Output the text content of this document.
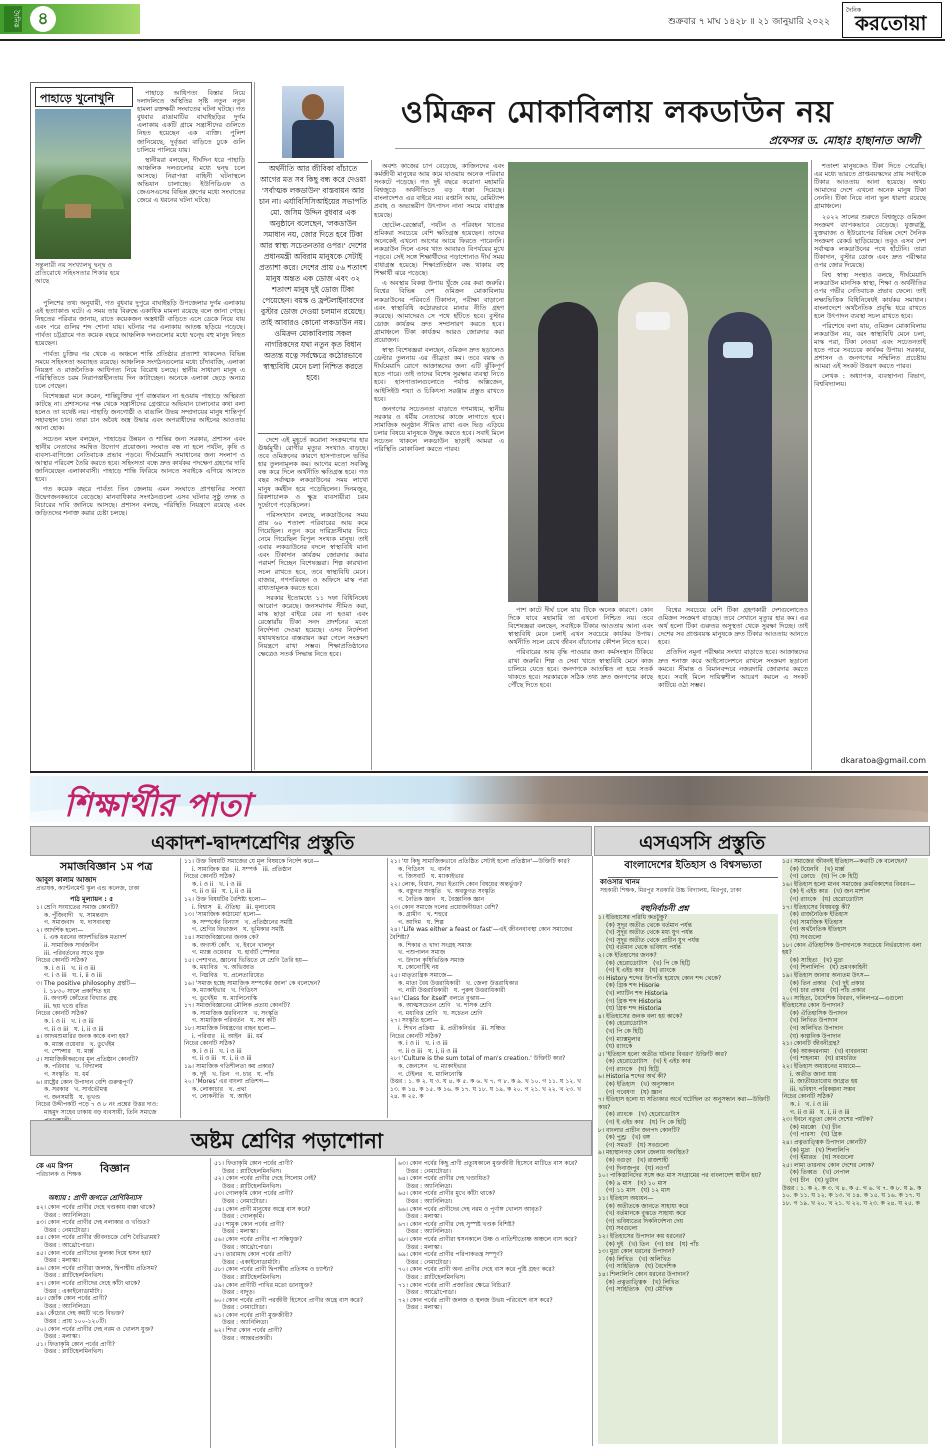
দৈনিক	৪	শুক্রবার ৭ মাঘ ১৪২৮ ॥ ২১ জানুয়ারি ২০২২
দৈনিক
করতোয়া
পাহাড়ে খুনোখুনি
সন্তুলারী নয় সংখ্যালঘু দ্বন্দ্ব ও প্রতিরোধে সহিংসতার শিকার হয়ে আছে

পাহাড়ে আধিপত্য বিস্তার নিয়ে দলাদলিতে অস্থিতির সৃষ্টি নতুন নতুন হামলা রক্তক্ষয়ী সংঘাতের ঘটনা ঘটছে। গত বুধবার রাঙামাটির বাঘাইছড়ির দুর্গম এলাকায় একটি গ্রামে সন্ত্রাসীদের গুলিতে নিহত হয়েছেন এক ব্যক্তি। পুলিশ জানিয়েছে, দুর্বৃত্তরা বাড়িতে ঢুকে গুলি চালিয়ে পালিয়ে যায়।

স্থানীয়রা বলছেন, দীর্ঘদিন ধরে পাহাড়ি আঞ্চলিক দলগুলোর মধ্যে দ্বন্দ্ব চলে আসছে। নিরাপত্তা বাহিনী ঘটনাস্থলে অভিযান চালাচ্ছে। ইউপিডিএফ ও জেএসএসের বিভিন্ন গ্রুপের মধ্যে সংঘাতের জেরে এ ধরনের ঘটনা ঘটছে।

পুলিশের তথ্য অনুযায়ী, গত বুধবার দুপুরে বাঘাইছড়ি উপজেলার দুর্গম এলাকায় এই হত্যাকাণ্ড ঘটে। এ সময় তার বিরুদ্ধে একাধিক মামলা রয়েছে বলে জানা গেছে। নিহতের পরিবার জানায়, রাতে কয়েকজন অস্ত্রধারী বাড়িতে এসে ডেকে নিয়ে যায় এবং পরে গুলির শব্দ শোনা যায়। ঘটনার পর এলাকায় আতঙ্ক ছড়িয়ে পড়েছে। পার্বত্য চট্টগ্রামে গত কয়েক বছরে আঞ্চলিক দলগুলোর মধ্যে দ্বন্দ্বে বহু মানুষ নিহত হয়েছেন।

পার্বত্য চুক্তির পর থেকে এ অঞ্চলে শান্তি প্রতিষ্ঠার প্রত্যাশা থাকলেও বিভিন্ন সময়ে সহিংসতা অব্যাহত রয়েছে। আঞ্চলিক সংগঠনগুলোর মধ্যে চাঁদাবাজি, এলাকা নিয়ন্ত্রণ ও রাজনৈতিক আধিপত্য নিয়ে বিরোধ চলছে। স্থানীয় সাধারণ মানুষ এ পরিস্থিতিতে চরম নিরাপত্তাহীনতায় দিন কাটাচ্ছেন। অনেকে এলাকা ছেড়ে অন্যত্র চলে গেছেন।

বিশেষজ্ঞরা মনে করেন, শান্তিচুক্তির পূর্ণ বাস্তবায়ন না হওয়ায় পাহাড়ে অস্থিরতা কাটছে না। প্রশাসনের পক্ষ থেকে সন্ত্রাসীদের গ্রেপ্তারে অভিযান চালানোর কথা বলা হলেও তা যথেষ্ট নয়। পাহাড়ি জনগোষ্ঠী ও বাঙালি উভয় সম্প্রদায়ের মানুষ শান্তিপূর্ণ সহাবস্থান চান। তারা চান অবৈধ অস্ত্র উদ্ধার এবং অপরাধীদের আইনের আওতায় আনা হোক।

সচেতন মহল বলছেন, পাহাড়ের উন্নয়ন ও শান্তির জন্য সরকার, প্রশাসন এবং স্থানীয় নেতাদের সমন্বিত উদ্যোগ প্রয়োজন। সংঘাত বন্ধ না হলে পর্যটন, কৃষি ও ব্যবসা-বাণিজ্যে নেতিবাচক প্রভাব পড়বে। দীর্ঘমেয়াদি সমাধানের জন্য সংলাপ ও আস্থার পরিবেশ তৈরি করতে হবে। সহিংসতা বন্ধে দ্রুত কার্যকর পদক্ষেপ গ্রহণের দাবি জানিয়েছেন এলাকাবাসী। পাহাড়ে শান্তি ফিরিয়ে আনতে সবাইকে এগিয়ে আসতে হবে।

গত কয়েক বছরে পার্বত্য তিন জেলায় এমন সংঘাতে প্রাণহানির সংখ্যা উদ্বেগজনকভাবে বেড়েছে। মানবাধিকার সংগঠনগুলো এসব ঘটনার সুষ্ঠু তদন্ত ও বিচারের দাবি জানিয়ে আসছে। প্রশাসন বলছে, পরিস্থিতি নিয়ন্ত্রণে রয়েছে এবং জড়িতদের শনাক্ত করার চেষ্টা চলছে।

ওমিক্রন মোকাবিলায় লকডাউন নয়
প্রফেসর ড. মোহাঃ হাছানাত আলী
অর্থনীতি আর জীবিকা বাঁচাতে আগের মত সব কিছু বন্ধ করে দেওয়া 'সর্বাত্মক লকডাউন' বাস্তবায়ন আর চান না। এর্যাবিসিসিআইয়ের সভাপতি মো. জসিম উদ্দিন বুধবার এক অনুষ্ঠানে বলেছেন, 'লকডাউন সমাধান নয়, জোর দিতে হবে টিকা আর স্বাস্থ্য সচেতনতার ওপর।' দেশের প্রধানমন্ত্রী অবিরাম মানুষকে সেটাই প্রত্যাশা করে। দেশের প্রায় ৫৬ শতাংশ মানুষ অন্তত এক ডোজ এবং ৩২ শতাংশ মানুষ দুই ডোজ টিকা পেয়েছেন। বয়স্ক ও ফ্রন্টলাইনারদের বুস্টার ডোজ দেওয়া চলমান রয়েছে। তাই আবারও কোনো লকডাউন নয়। ওমিক্রন মোকাবিলায় সকল নাগরিকদের যথা নতুন কৃত বিধান অত্যন্ত যত্নে সর্বক্ষেত্রে কঠোরভাবে স্বাস্থ্যবিধি মেনে চলা নিশ্চিত করতে হবে।

দেশে এই মুহূর্তে করোনা সংক্রমণের হার ঊর্ধ্বমুখী। রোগীর মৃত্যুর সংখ্যাও বাড়ছে। তবে ওমিক্রনের কারণে হাসপাতালে ভর্তির হার তুলনামূলক কম। আগের মতো সবকিছু বন্ধ করে দিলে অর্থনীতি ক্ষতিগ্রস্ত হবে। গত বছর সর্বাত্মক লকডাউনের সময় লাখো মানুষ কর্মহীন হয়ে পড়েছিলেন। দিনমজুর, রিকশাচালক ও ক্ষুদ্র ব্যবসায়ীরা চরম দুর্ভোগে পড়েছিলেন।

পরিসংখ্যান বলছে, লকডাউনের সময় প্রায় ৬০ শতাংশ পরিবারের আয় কমে গিয়েছিল। নতুন করে দারিদ্র্যসীমার নিচে নেমে গিয়েছিল বিপুল সংখ্যক মানুষ। তাই এবার লকডাউনের বদলে স্বাস্থ্যবিধি মানা এবং টিকাদান কার্যক্রম জোরদার করার পরামর্শ দিচ্ছেন বিশেষজ্ঞরা। শিল্প কারখানা সচল রাখতে হবে, তবে স্বাস্থ্যবিধি মেনে। বাজার, গণপরিবহন ও অফিসে মাস্ক পরা বাধ্যতামূলক করতে হবে।

সরকার ইতোমধ্যে ১১ দফা বিধিনিষেধ আরোপ করেছে। জনসমাগম সীমিত করা, মাস্ক ছাড়া বাইরে বের না হওয়া এবং রেস্তোরাঁয় টিকা সনদ প্রদর্শনের মতো নির্দেশনা দেওয়া হয়েছে। এসব নির্দেশনা যথাযথভাবে বাস্তবায়ন করা গেলে সংক্রমণ নিয়ন্ত্রণে রাখা সম্ভব। শিক্ষাপ্রতিষ্ঠানের ক্ষেত্রেও সতর্ক সিদ্ধান্ত নিতে হবে।

অবশ্য কাজের চাপ বেড়েছে, কাজিনদের এবং কর্মজীবী মানুষের আয় কমে যাওয়ায় অনেক পরিবার সংকটে পড়েছে। গত দুই বছরে করোনা মহামারি বিশ্বজুড়ে অর্থনীতিতে বড় ধাক্কা দিয়েছে। বাংলাদেশও এর বাইরে নয়। রপ্তানি আয়, রেমিট্যান্স প্রবাহ ও অভ্যন্তরীণ উৎপাদন নানা সময়ে বাধাগ্রস্ত হয়েছে।

হোটেল-রেস্তোরাঁ, পর্যটন ও পরিবহন খাতের শ্রমিকরা সবচেয়ে বেশি ক্ষতিগ্রস্ত হয়েছেন। তাদের অনেকেই এখনো আগের আয়ে ফিরতে পারেননি। লকডাউন দিলে এসব খাত আবারও বিপর্যয়ের মুখে পড়বে। সেই সঙ্গে শিক্ষার্থীদের পড়াশোনাও দীর্ঘ সময় বাধাগ্রস্ত হয়েছে। শিক্ষাপ্রতিষ্ঠান বন্ধ থাকায় বহু শিক্ষার্থী ঝরে পড়েছে।

এ অবস্থায় বিকল্প উপায় খুঁজে বের করা জরুরি। বিশ্বের বিভিন্ন দেশ ওমিক্রন মোকাবিলায় লকডাউনের পরিবর্তে টিকাদান, পরীক্ষা বাড়ানো এবং স্বাস্থ্যবিধি কঠোরভাবে মানার নীতি গ্রহণ করেছে। আমাদেরও সে পথে হাঁটতে হবে। বুস্টার ডোজ কার্যক্রম দ্রুত সম্প্রসারণ করতে হবে। গ্রামাঞ্চলে টিকা কার্যক্রম আরও জোরদার করা প্রয়োজন।

স্বাস্থ্য বিশেষজ্ঞরা বলছেন, ওমিক্রন দ্রুত ছড়ালেও ডেল্টার তুলনায় এর তীব্রতা কম। তবে বয়স্ক ও দীর্ঘমেয়াদি রোগে আক্রান্তদের জন্য এটি ঝুঁকিপূর্ণ হতে পারে। তাই তাদের বিশেষ সুরক্ষার ব্যবস্থা নিতে হবে। হাসপাতালগুলোতে পর্যাপ্ত অক্সিজেন, আইসিইউ শয্যা ও চিকিৎসা সরঞ্জাম প্রস্তুত রাখতে হবে।

জনগণের সচেতনতা বাড়াতে গণমাধ্যম, স্থানীয় সরকার ও ধর্মীয় নেতাদের কাজে লাগাতে হবে। সামাজিক অনুষ্ঠান সীমিত রাখা এবং ভিড় এড়িয়ে চলার বিষয়ে মানুষকে উদ্বুদ্ধ করতে হবে। সবাই মিলে সচেতন থাকলে লকডাউন ছাড়াই আমরা এ পরিস্থিতি মোকাবিলা করতে পারব।

পাশ কাটে দীর্ঘ চলে যায় টিকে অনেক কারণে। কোন দিকে যাবে মহামারি তা এখনো নিশ্চিত নয়। তবে বিশেষজ্ঞরা বলছেন, সবাইকে টিকার আওতায় আনা এবং স্বাস্থ্যবিধি মেনে চলাই এখন সবচেয়ে কার্যকর উপায়। অর্থনীতি সচল রেখে জীবন বাঁচানোর কৌশল নিতে হবে।

পরিবারের আয় বৃদ্ধি পাওয়ার জন্য কর্মসংস্থান টিকিয়ে রাখা জরুরি। শিল্প ও সেবা খাতে স্বাস্থ্যবিধি মেনে কাজ চালিয়ে যেতে হবে। জনগণকে আতঙ্কিত না হয়ে সতর্ক থাকতে হবে। সরকারকে সঠিক তথ্য দ্রুত জনগণের কাছে পৌঁছে দিতে হবে।

বিশ্বের সবচেয়ে বেশি টিকা গ্রহণকারী দেশগুলোতেও ওমিক্রন সংক্রমণ বাড়ছে। তবে সেখানে মৃত্যুর হার কম। এর অর্থ হলো টিকা গুরুতর অসুস্থতা থেকে সুরক্ষা দিচ্ছে। তাই দেশের সব প্রাপ্তবয়স্ক মানুষকে দ্রুত টিকার আওতায় আনতে হবে।

প্রতিদিন নমুনা পরীক্ষার সংখ্যা বাড়াতে হবে। আক্রান্তদের দ্রুত শনাক্ত করে আইসোলেশনে রাখলে সংক্রমণ ছড়ানো কমবে। সীমান্ত ও বিমানবন্দরে নজরদারি জোরদার করতে হবে। সবাই মিলে দায়িত্বশীল আচরণ করলে এ সংকট কাটিয়ে ওঠা সম্ভব।

শতাংশ মানুষকেও টিকা দিতে পেরেছি। এর মধ্যে ভারতে প্রাপ্তবয়স্কদের প্রায় সবাইকে টিকার আওতায় আনা হয়েছে। অথচ আমাদের দেশে এখনো অনেক মানুষ টিকা নেননি। টিকা নিয়ে নানা ভুল ধারণা রয়েছে গ্রামাঞ্চলে।

২০২২ সালের শুরুতে বিশ্বজুড়ে ওমিক্রন সংক্রমণ ব্যাপকভাবে বেড়েছে। যুক্তরাষ্ট্র, যুক্তরাজ্য ও ইউরোপের বিভিন্ন দেশে দৈনিক সংক্রমণ রেকর্ড ছাড়িয়েছে। তবুও এসব দেশ সর্বাত্মক লকডাউনের পথে হাঁটেনি। তারা টিকাদান, বুস্টার ডোজ এবং দ্রুত পরীক্ষার ওপর জোর দিয়েছে।

বিশ্ব স্বাস্থ্য সংস্থাও বলছে, দীর্ঘমেয়াদি লকডাউন মানসিক স্বাস্থ্য, শিক্ষা ও অর্থনীতির ওপর গভীর নেতিবাচক প্রভাব ফেলে। তাই লক্ষ্যভিত্তিক বিধিনিষেধই কার্যকর সমাধান। বাংলাদেশে অর্থনৈতিক প্রবৃদ্ধি ধরে রাখতে হলে উৎপাদন ব্যবস্থা সচল রাখতে হবে।

পরিশেষে বলা যায়, ওমিক্রন মোকাবিলায় লকডাউন নয়, বরং স্বাস্থ্যবিধি মেনে চলা, মাস্ক পরা, টিকা নেওয়া এবং সচেতনতাই হতে পারে সবচেয়ে কার্যকর উপায়। সরকার, প্রশাসন ও জনগণের সম্মিলিত প্রচেষ্টায় আমরা এই সংকট উত্তরণ করতে পারব।

লেখক : অধ্যাপক, ব্যবস্থাপনা বিভাগ, বিশ্ববিদ্যালয়।

dkaratoa@gmail.com
শিক্ষার্থীর পাতা
একাদশ-দ্বাদশশ্রেণির প্রস্তুতি	এসএসসি প্রস্তুতি
সমাজবিজ্ঞান ১ম পত্র
আবুল কালাম আজাদ
প্রভাষক, ক্যান্টনমেন্ট স্কুল এন্ড কলেজ, ঢাকা
পাঠ মূল্যায়ন : ৫
১। শ্রেণি সংঘাতের সমাজ কোনটি?
ক. পুঁজিবাদী   খ. সামন্তবাদ
গ. সমাজবাদ   ঘ. দাসব্যবস্থা
২। আদর্শিক হলো—
i. এক ধরনের আদর্শভিত্তিক মতাদর্শ
ii. সামাজিক সার্বজনীন
iii. পরিবর্তনের সাথে যুক্ত
নিচের কোনটি সঠিক?
ক. i ও ii   খ. ii ও iii
গ. i ও iii   ঘ. i, ii ও iii
৩। The positive philosophy গ্রন্থটি—
i. ১৮৩০ সালে প্রকাশিত হয়
ii. অগাস্ট কোঁতের বিখ্যাত গ্রন্থ
iii. ছয় খণ্ডে রচিত
নিচের কোনটি সঠিক?
ক. i ও ii   খ. i ও iii
গ. ii ও iii   ঘ. i, ii ও iii
৪। আদমশুমারির জনক কাকে বলা হয়?
ক. ম্যাক্স ওয়েবার   খ. ডুর্খেইম
গ. স্পেন্সার   ঘ. মার্ক্স
৫। সামাজিকীকরণের মূল প্রতিষ্ঠান কোনটি?
ক. পরিবার   খ. বিদ্যালয়
গ. সংস্কৃতি   ঘ. ধর্ম
৬। রাষ্ট্রের কোন উপাদান বেশি গুরুত্বপূর্ণ?
ক. সরকার   খ. সার্বভৌমত্ব
গ. জনসমষ্টি   ঘ. ভূখণ্ড
নিচের উদ্দীপকটি পড়ে ৭ ও ৮ নং প্রশ্নের উত্তর দাও:
মাহমুদ সাহেব ঢাকায় বড় ব্যবসায়ী, তিনি সমাজে
১১। উক্ত বিষয়টি সমাজের যে মূল বিষয়কে নির্দেশ করে—
i. সামাজিক স্তর   ii. সম্পর্ক   iii. প্রতিষ্ঠান
নিচের কোনটি সঠিক?
ক. i ও ii   খ. i ও iii
গ. ii ও iii   ঘ. i, ii ও iii
১২। উক্ত বিষয়টির বৈশিষ্ট্য হলো—
i. বিশ্বাস   ii. ঐতিহ্য   iii. মূল্যবোধ
১৩। 'সামাজিক কাঠামো' হলো—
ক. সম্পর্কের বিন্যাস   খ. প্রতিষ্ঠানের সমষ্টি
গ. শ্রেণির বিভাজন   ঘ. ভূমিকার সমষ্টি
১৪। সমাজবিজ্ঞানের জনক কে?
ক. অগাস্ট কোঁৎ   খ. ইবনে খালদুন
গ. ম্যাক্স ওয়েবার   ঘ. হার্বার্ট স্পেন্সার
১৫। পেশাগত, জ্ঞানের ভিত্তিতে যে শ্রেণি তৈরি হয়—
ক. মধ্যবিত্ত   খ. অভিজাত
গ. নিম্নবিত্ত   ঘ. প্রলেতারিয়েত
১৬। 'সমাজ হচ্ছে সামাজিক সম্পর্কের জাল' কে বলেছেন?
ক. ম্যাকাইভার   খ. গিডিংস
গ. ডুর্খেইম   ঘ. ম্যালিনোস্কি
১৭। সমাজবিজ্ঞানের মৌলিক প্রত্যয় কোনটি?
ক. সামাজিক স্তরবিন্যাস   খ. সংস্কৃতি
গ. সামাজিক পরিবর্তন   ঘ. সব কটি
১৮। সামাজিক নিয়ন্ত্রণের বাহন হলো—
i. পরিবার   ii. আইন   iii. ধর্ম
নিচের কোনটি সঠিক?
ক. i ও ii   খ. i ও iii
গ. ii ও iii   ঘ. i, ii ও iii
১৯। সামাজিক গতিশীলতা কয় প্রকার?
ক. দুই   খ. তিন   গ. চার   ঘ. পাঁচ
২০। 'Mores' এর বাংলা প্রতিশব্দ—
ক. লোকাচার   খ. প্রথা
গ. লোকনীতি   ঘ. আইন
২১। 'যা কিছু সামাজিকভাবে প্রতিষ্ঠিত সেটাই হলো প্রতিষ্ঠান'—উক্তিটি কার?
ক. গিডিংস   খ. বার্নস
গ. জিসবার্ট   ঘ. ম্যাকাইভার
২২। লোক, বিধান, সভ্য ইত্যাদি কোন বিষয়ের অন্তর্ভুক্ত?
ক. বস্তুগত সংস্কৃতি   খ. অবস্তুগত সংস্কৃতি
গ. নৈতিক জ্ঞান   ঘ. বৈজ্ঞানিক জ্ঞান
২৩। কোন সমাজে দলের প্রয়োজনীয়তা বেশি?
ক. গ্রামীণ   খ. শহুরে
গ. আদিম   ঘ. শিল্প
২৪। 'Life was either a feast or fast'—এই জীবনব্যবস্থা কোন সমাজের বৈশিষ্ট্য?
ক. শিকার ও খাদ্য সংগ্রহ সমাজ
খ. পশুপালন সমাজ
গ. উদ্যান কৃষিভিত্তিক সমাজ
ঘ. কোনোটিই নয়
২৫। মাতৃতান্ত্রিক সমাজে—
ক. মাতা বৈধ উত্তরাধিকারী   খ. জেলা উত্তরাধিকার
গ. নারী উত্তরাধিকারী   ঘ. পুরুষ উত্তরাধিকারী
২৬। 'Class for itself' বলতে বুঝায়—
ক. আত্মসচেতন শ্রেণি   খ. শাসক শ্রেণি
গ. মধ্যবিত্ত শ্রেণি   ঘ. সচেতন শ্রেণি
২৭। সংস্কৃতি হলো—
i. শিখন প্রক্রিয়া   ii. প্রতীকনির্ভর   iii. সঞ্চিত
নিচের কোনটি সঠিক?
ক. i ও ii   খ. i ও iii
গ. ii ও iii   ঘ. i, ii ও iii
২৮। 'Culture is the sum total of man's creation.' উক্তিটি কার?
ক. জেনসেন   খ. ম্যাকাইভার
গ. টেইলর   ঘ. ম্যালিনোস্কি
উত্তর : ১. ক ২. ঘ ৩. ঘ ৪. ক ৫. ক ৬. খ ৭. গ ৮. ক ৯. খ ১০. গ ১১. ঘ ১২. খ ১৩. ক ১৪. ক ১৫. ক ১৬. ক ১৭. ঘ ১৮. ঘ ১৯. ক ২০. গ ২১. খ ২২. খ ২৩. খ ২৪. ক ২৫. ক
বাংলাদেশের ইতিহাস ও বিশ্বসভ্যতা
কাওসার খানম
সহকারী শিক্ষক, মিরপুর সরকারি উচ্চ বিদ্যালয়, মিরপুর, ঢাকা
বহুনির্বাচনী প্রশ্ন
১। ইতিহাসের পরিধি কতটুকু?
(ক) সুদূর অতীত থেকে বর্তমান পর্যন্ত
(খ) সুদূর অতীত থেকে মধ্য যুগ পর্যন্ত
(গ) সুদূর অতীত থেকে প্রাচীন যুগ পর্যন্ত
(ঘ) বর্তমান থেকে ভবিষ্যৎ পর্যন্ত
২। কে ইতিহাসের জনক?
(ক) হেরোডোটাস   (খ) পি কে হিট্টি
(গ) ই এইচ কার   (ঘ) র‍্যাংকে
৩। History শব্দের উৎপত্তি হয়েছে কোন শব্দ থেকে?
(ক) গ্রিক শব্দ Hisorie
(খ) ল্যাটিন শব্দ Historia
(গ) গ্রিক শব্দ Historia
(ঘ) গ্রিক শব্দ Historia
৪। ইতিহাসের জনক বলা হয় কাকে?
(ক) হেরোডোটাস
(খ) পি কে হিট্টি
(গ) ম্যাক্সমুলার
(ঘ) র‍্যাংকে
৫। 'ইতিহাস হলো অতীত ঘটনার বিবরণ' উক্তিটি কার?
(ক) হেরোডোটাস   (খ) ই এইচ কার
(গ) র‍্যাংকে   (ঘ) হিট্টি
৬। Historia শব্দের অর্থ কী?
(ক) ইতিহাস   (খ) অনুসন্ধান
(গ) গবেষণা   (ঘ) জ্ঞান
৭। ইতিহাস হলো যা সত্যিকার অর্থে ঘটেছিল তা অনুসন্ধান করা—উক্তিটি কার?
(ক) র‍্যাংকে   (খ) হেরোডোটাস
(গ) ই এইচ কার   (ঘ) পি কে হিট্টি
৮। বাংলার প্রাচীন জনপদ কোনটি?
(ক) পুণ্ড্র   (খ) বঙ্গ
(গ) সমতট   (ঘ) সবগুলো
৯। মহাস্থানগড় কোন জেলায় অবস্থিত?
(ক) বগুড়া   (খ) রাজশাহী
(গ) দিনাজপুর   (ঘ) নওগাঁ
১০। পাকিস্তানিদের সঙ্গে কত মাস সংগ্রামের পর বাংলাদেশ স্বাধীন হয়?
(ক) ৯ মাস   (খ) ১০ মাস
(গ) ১১ মাস   (ঘ) ১২ মাস
১১। ইতিহাস অধ্যয়ন—
(ক) অতীতকে জানতে সাহায্য করে
(খ) বর্তমানকে বুঝতে সাহায্য করে
(গ) ভবিষ্যতের দিকনির্দেশনা দেয়
(ঘ) সবগুলো
১২। ইতিহাসের উপাদান কয় ধরনের?
(ক) দুই   (খ) তিন   (গ) চার   (ঘ) পাঁচ
১৩। মুদ্রা কোন ধরনের উপাদান?
(ক) লিখিত   (খ) অলিখিত
(গ) সাহিত্যিক   (ঘ) বৈদেশিক
১৪। শিলালিপি কোন ধরনের উপাদান?
(ক) প্রত্নতাত্ত্বিক   (খ) লিখিত
(গ) সাহিত্যিক   (ঘ) মৌখিক
১৫। সমাজের জীবনই ইতিহাস—কথাটি কে বলেছেন?
(ক) টয়েনবি   (খ) মার্ক্স
(গ) ক্রোচে   (ঘ) পি কে হিট্টি
১৬। ইতিহাস হলো মানব সমাজের ক্রমবিকাশের বিবরণ—
(ক) ই এইচ কার   (খ) জন মার্শাল
(গ) র‍্যাংকে   (ঘ) হেরোডোটাস
১৭। ইতিহাসের বিষয়বস্তু কী?
(ক) রাজনৈতিক ইতিহাস
(খ) সামাজিক ইতিহাস
(গ) অর্থনৈতিক ইতিহাস
(ঘ) সবগুলো
১৮। কোন ঐতিহাসিক উপাদানকে সবচেয়ে নির্ভরযোগ্য বলা হয়?
(ক) সাহিত্য   (খ) মুদ্রা
(গ) শিলালিপি   (ঘ) ভ্রমণকাহিনী
১৯। ইতিহাস জানার অন্যতম উৎস—
(ক) তিন প্রকার   (খ) দুই প্রকার
(গ) চার প্রকার   (ঘ) পাঁচ প্রকার
২০। সাহিত্য, বৈদেশিক বিবরণ, দলিলপত্র—এগুলো ইতিহাসের কোন উপাদান?
(ক) ঐতিহাসিক উপাদান
(খ) লিখিত উপাদান
(গ) অলিখিত উপাদান
(ঘ) কাল্পনিক উপাদান
২১। কোনটি জীবনীগ্রন্থ?
(ক) আকবরনামা   (খ) বাবরনামা
(গ) শাহনামা   (ঘ) রামচরিত
২২। ইতিহাস অধ্যয়নের মাধ্যমে—
i. অতীত জানা যায়
ii. জাতীয়তাবোধ জাগ্রত হয়
iii. ভবিষ্যৎ পরিকল্পনা সম্ভব
নিচের কোনটি সঠিক?
ক. i   খ. i ও iii
গ. ii ও iii   ঘ. i, ii ও iii
২৩। ইবনে বতুতা কোন দেশের পর্যটক?
(ক) মরক্কো   (খ) চীন
(গ) পারস্য   (ঘ) গ্রিক
২৪। প্রত্নতাত্ত্বিক উপাদান কোনটি?
(ক) মুদ্রা   (খ) শিলালিপি
(গ) ইমারত   (ঘ) সবগুলো
২৫। লামা তারনাথ কোন দেশের লোক?
(ক) তিব্বত   (খ) নেপাল
(গ) চীন   (ঘ) ভুটান
উত্তর : ১. ক ২. ক ৩. খ ৪. ক ৫. গ ৬. খ ৭. ক ৮. ঘ ৯. ক ১০. ক ১১. ঘ ১২. ক ১৩. খ ১৪. ক ১৫. ঘ ১৬. ক ১৭. ঘ ১৮. গ ১৯. খ ২০. খ ২১. খ ২২. ঘ ২৩. ক ২৪. ঘ ২৫. ক
অষ্টম শ্রেণির পড়াশোনা
কে এম রিপন
পরিচালক ও শিক্ষক বিজ্ঞান
অধ্যায় : প্রাণী জগতে শ্রেণিবিন্যাস
৪২। কোন পর্বের প্রাণীর দেহে খণ্ডকায় বাক্কা থাকে?
উত্তর : অ্যানিলিডা।
৪৩। কোন পর্বের প্রাণীর দেহ নলাকার ও খণ্ডিত?
উত্তর : নেমাটোডা।
৪৪। কোন পর্বের প্রাণীর জীবনচক্রে বেশি বৈচিত্র্যময়?
উত্তর : আর্থ্রোপোডা।
৪৫। কোন পর্বের প্রাণীদের ফুলকা দিয়ে শ্বসন হয়?
উত্তর : মলাস্কা।
৪৬। কোন পর্বের প্রাণীরা জলজ, দ্বিপার্শ্বীয় প্রতিসম?
উত্তর : প্লাটিহেলমিনথিস।
৪৭। কোন পর্বের প্রাণীদের দেহে কাঁটা থাকে?
উত্তর : একাইনোডার্মাটা।
৪৮। জোঁক কোন পর্বের প্রাণী?
উত্তর : অ্যানিলিডা।
৪৯। কেঁচোর দেহ কয়টি খণ্ডে বিভক্ত?
উত্তর : প্রায় ১০০-১২০টি।
৫০। কোন পর্বের প্রাণীর দেহ নরম ও খোলস যুক্ত?
উত্তর : মলাস্কা।
৫১। ফিতাকৃমি কোন পর্বের প্রাণী?
উত্তর : প্লাটিহেলমিনথিস।
৫১। ফিতাকৃমি কোন পর্বের প্রাণী?
উত্তর : প্লাটিহেলমিনথিস।
৫২। কোন পর্বের প্রাণীর দেহে সিলোম নেই?
উত্তর : প্লাটিহেলমিনথিস।
৫৩। গোলকৃমি কোন পর্বের প্রাণী?
উত্তর : নেমাটোডা।
৫৪। কোন প্রাণী মানুষের অন্ত্রে বাস করে?
উত্তর : গোলকৃমি।
৫৫। শামুক কোন পর্বের প্রাণী?
উত্তর : মলাস্কা।
৫৬। কোন পর্বের প্রাণীর পা সন্ধিযুক্ত?
উত্তর : আর্থ্রোপোডা।
৫৭। তারামাছ কোন পর্বের প্রাণী?
উত্তর : একাইনোডার্মাটা।
৫৮। কোন পর্বের প্রাণী দ্বিপার্শ্বীয় প্রতিসম ও চ্যাপ্টা?
উত্তর : প্লাটিহেলমিনথিস।
৫৯। কোন প্রাণীটি পাখির মতো ডানাযুক্ত?
উত্তর : বাদুড়।
৬০। কোন পর্বের প্রাণী পরজীবী হিসেবে প্রাণীর অন্ত্রে বাস করে?
উত্তর : নেমাটোডা।
৬১। কোন পর্বের প্রাণী মুক্তজীবী?
উত্তর : অ্যানিলিডা।
৬২। শিখা কোন পর্বের প্রাণী?
উত্তর : আন্তরপ্রকারী।
৬৩। কোন পর্বের কিছু প্রাণী প্রত্যুষকালে মুক্তজীবী হিসেবে মাটিতে বাস করে?
উত্তর : নেমাটোডা।
৬৪। কোন পর্বের প্রাণীর দেহ খণ্ডায়িত?
উত্তর : অ্যানিলিডা।
৬৫। কোন পর্বের প্রাণীর মুখে কাঁটা থাকে?
উত্তর : অ্যানিলিডা।
৬৬। কোন পর্বের প্রাণীদের দেহ নরম ও পূর্ণাঙ্গ খোলস আবৃত?
উত্তর : মলাস্কা।
৬৭। কোন পর্বের প্রাণীর দেহ সুস্পষ্ট খণ্ডক বিশিষ্ট?
উত্তর : অ্যানিলিডা।
৬৮। কোন পর্বের প্রাণীরা শ্বসনকালে উষ্ণ ও নাতিশীতোষ্ণ অঞ্চলে বাস করে?
উত্তর : মলাস্কা।
৬৯। কোন পর্বের প্রাণীর পরিপাকতন্ত্র সম্পূর্ণ?
উত্তর : নেমাটোডা।
৭০। কোন পর্বের প্রাণী অন্য প্রাণীর দেহে বাস করে পুষ্টি গ্রহণ করে?
উত্তর : প্লাটিহেলমিনথিস।
৭১। কোন পর্বের প্রাণী প্রজাতির ক্ষেত্রে বিচিত্র্য?
উত্তর : আর্থ্রোপোডা।
৭২। কোন পর্বের প্রাণী জলজ ও স্থলজ উভয় পরিবেশে বাস করে?
উত্তর : মলাস্কা।
